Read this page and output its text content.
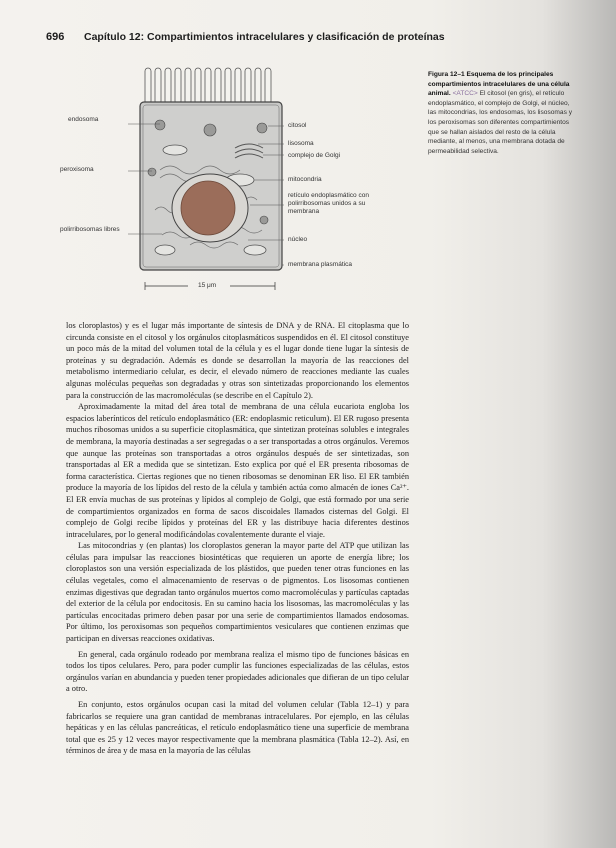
696 Capítulo 12: Compartimientos intracelulares y clasificación de proteínas
endosoma
peroxisoma
polirribosomas libres
citosol
lisosoma
complejo de Golgi
mitocondria
retículo endoplasmático con polirribosomas unidos a su membrana
núcleo
membrana plasmática
15 μm
Figura 12–1 Esquema de los principales compartimientos intracelulares de una célula animal. <ATCC> El citosol (en gris), el retículo endoplasmático, el complejo de Golgi, el núcleo, las mitocondrias, los endosomas, los lisosomas y los peroxisomas son diferentes compartimientos que se hallan aislados del resto de la célula mediante, al menos, una membrana dotada de permeabilidad selectiva.

los cloroplastos) y es el lugar más importante de síntesis de DNA y de RNA. El citoplasma que lo circunda consiste en el citosol y los orgánulos citoplasmáticos suspendidos en él. El citosol constituye un poco más de la mitad del volumen total de la célula y es el lugar donde tiene lugar la síntesis de proteínas y su degradación. Además es donde se desarrollan la mayoría de las reacciones del metabolismo intermediario celular, es decir, el elevado número de reacciones mediante las cuales algunas moléculas pequeñas son degradadas y otras son sintetizadas proporcionando los elementos para la construcción de las macromoléculas (se describe en el Capítulo 2).

Aproximadamente la mitad del área total de membrana de una célula eucariota engloba los espacios laberínticos del retículo endoplasmático (ER: endoplasmic reticulum). El ER rugoso presenta muchos ribosomas unidos a su superficie citoplasmática, que sintetizan proteínas solubles e integrales de membrana, la mayoría destinadas a ser segregadas o a ser transportadas a otros orgánulos. Veremos que aunque las proteínas son transportadas a otros orgánulos después de ser sintetizadas, son transportadas al ER a medida que se sintetizan. Esto explica por qué el ER presenta ribosomas de forma característica. Ciertas regiones que no tienen ribosomas se denominan ER liso. El ER también produce la mayoría de los lípidos del resto de la célula y también actúa como almacén de iones Ca²⁺. El ER envía muchas de sus proteínas y lípidos al complejo de Golgi, que está formado por una serie de compartimientos organizados en forma de sacos discoidales llamados cisternas del Golgi. El complejo de Golgi recibe lípidos y proteínas del ER y las distribuye hacia diferentes destinos intracelulares, por lo general modificándolas covalentemente durante el viaje.

Las mitocondrias y (en plantas) los cloroplastos generan la mayor parte del ATP que utilizan las células para impulsar las reacciones biosintéticas que requieren un aporte de energía libre; los cloroplastos son una versión especializada de los plástidos, que pueden tener otras funciones en las células vegetales, como el almacenamiento de reservas o de pigmentos. Los lisosomas contienen enzimas digestivas que degradan tanto orgánulos muertos como macromoléculas y partículas captadas del exterior de la célula por endocitosis. En su camino hacia los lisosomas, las macromoléculas y las partículas encocitadas primero deben pasar por una serie de compartimientos llamados endosomas. Por último, los peroxisomas son pequeños compartimientos vesiculares que contienen enzimas que participan en diversas reacciones oxidativas.

En general, cada orgánulo rodeado por membrana realiza el mismo tipo de funciones básicas en todos los tipos celulares. Pero, para poder cumplir las funciones especializadas de las células, estos orgánulos varían en abundancia y pueden tener propiedades adicionales que difieran de un tipo celular a otro.

En conjunto, estos orgánulos ocupan casi la mitad del volumen celular (Tabla 12–1) y para fabricarlos se requiere una gran cantidad de membranas intracelulares. Por ejemplo, en las células hepáticas y en las células pancreáticas, el retículo endoplasmático tiene una superficie de membrana total que es 25 y 12 veces mayor respectivamente que la membrana plasmática (Tabla 12–2). Así, en términos de área y de masa en la mayoría de las células
